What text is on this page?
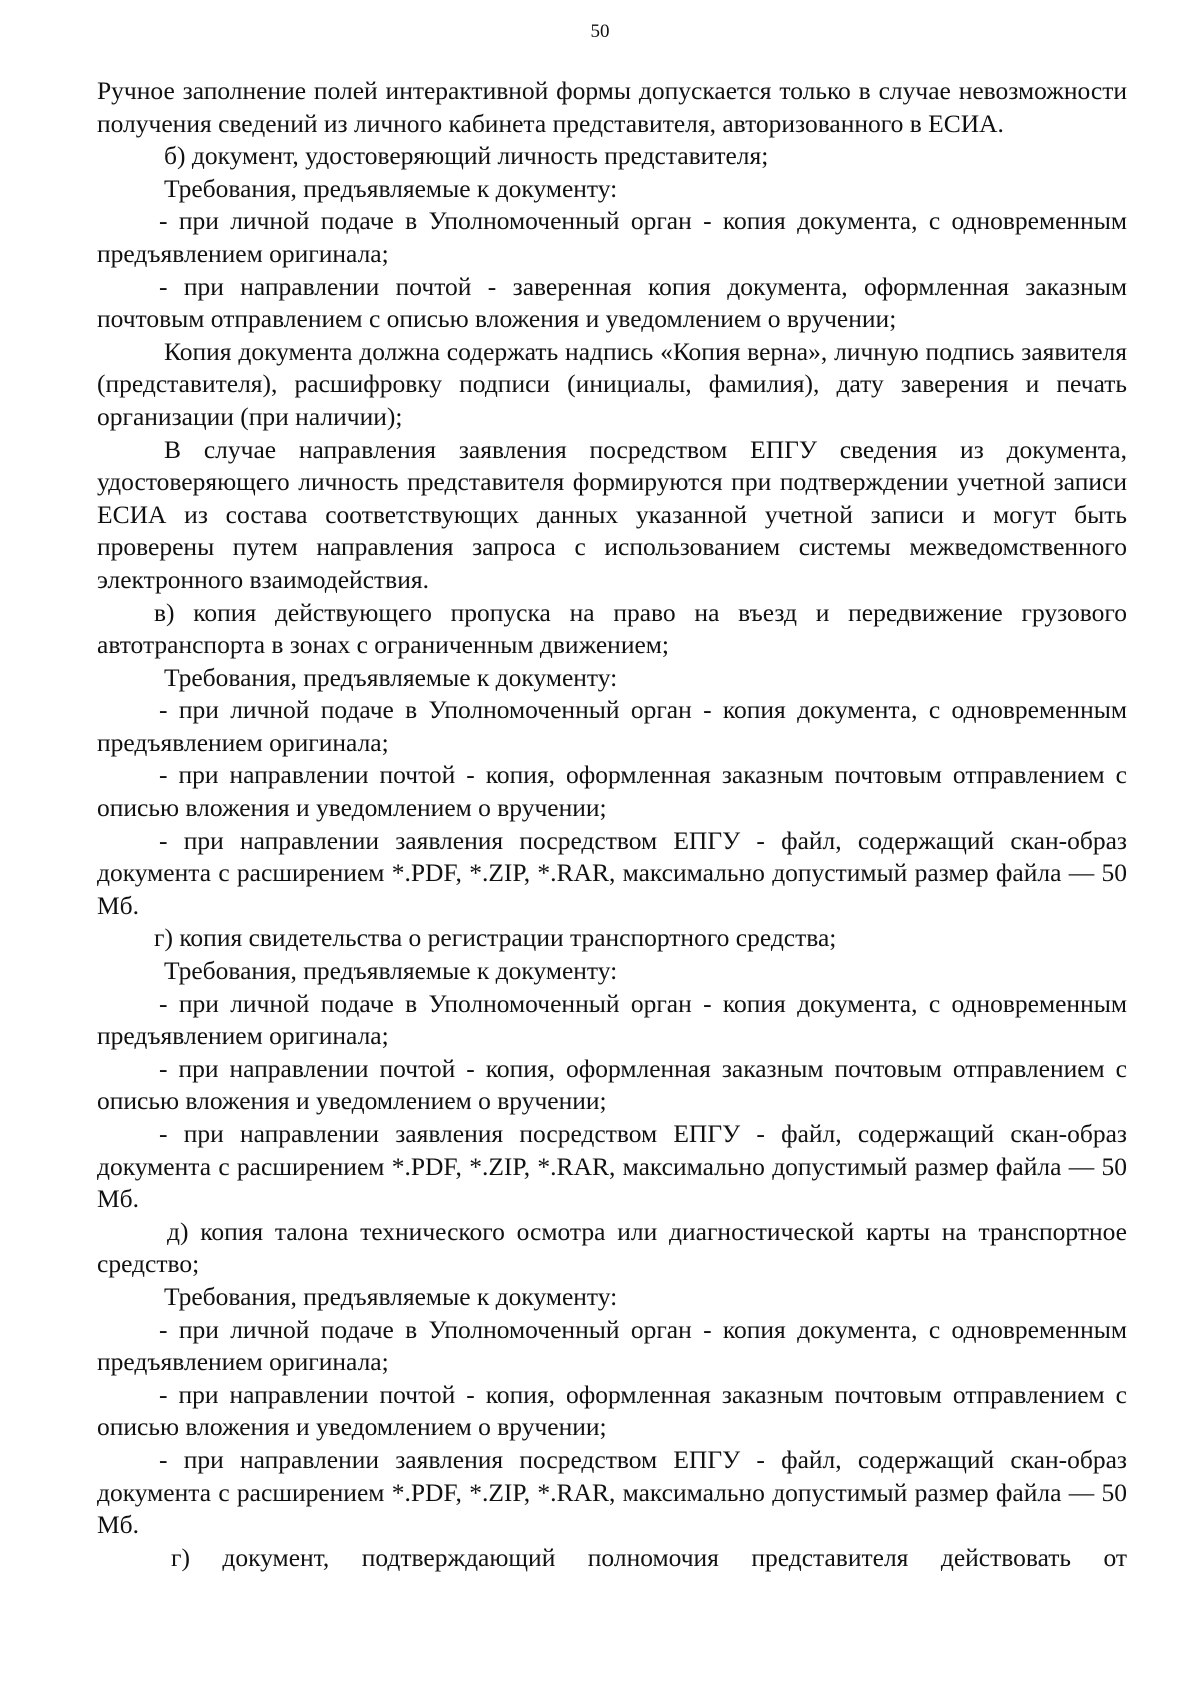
50

Ручное заполнение полей интерактивной формы допускается только в случае невозможности получения сведений из личного кабинета представителя, авторизованного в ЕСИА.

б) документ, удостоверяющий личность представителя;

Требования, предъявляемые к документу:

- при личной подаче в Уполномоченный орган - копия документа, с одновременным предъявлением оригинала;

- при направлении почтой - заверенная копия документа, оформленная заказным почтовым отправлением с описью вложения и уведомлением о вручении;

Копия документа должна содержать надпись «Копия верна», личную подпись заявителя (представителя), расшифровку подписи (инициалы, фамилия), дату заверения и печать организации (при наличии);

В случае направления заявления посредством ЕПГУ сведения из документа, удостоверяющего личность представителя формируются при подтверждении учетной записи ЕСИА из состава соответствующих данных указанной учетной записи и могут быть проверены путем направления запроса с использованием системы межведомственного электронного взаимодействия.

в) копия действующего пропуска на право на въезд и передвижение грузового автотранспорта в зонах с ограниченным движением;

Требования, предъявляемые к документу:

- при личной подаче в Уполномоченный орган - копия документа, с одновременным предъявлением оригинала;

- при направлении почтой - копия, оформленная заказным почтовым отправлением с описью вложения и уведомлением о вручении;

- при направлении заявления посредством ЕПГУ - файл, содержащий скан-образ документа с расширением *.PDF, *.ZIP, *.RAR, максимально допустимый размер файла — 50 Мб.

г) копия свидетельства о регистрации транспортного средства;

Требования, предъявляемые к документу:

- при личной подаче в Уполномоченный орган - копия документа, с одновременным предъявлением оригинала;

- при направлении почтой - копия, оформленная заказным почтовым отправлением с описью вложения и уведомлением о вручении;

- при направлении заявления посредством ЕПГУ - файл, содержащий скан-образ документа с расширением *.PDF, *.ZIP, *.RAR, максимально допустимый размер файла — 50 Мб.

д) копия талона технического осмотра или диагностической карты на транспортное средство;

Требования, предъявляемые к документу:

- при личной подаче в Уполномоченный орган - копия документа, с одновременным предъявлением оригинала;

- при направлении почтой - копия, оформленная заказным почтовым отправлением с описью вложения и уведомлением о вручении;

- при направлении заявления посредством ЕПГУ - файл, содержащий скан-образ документа с расширением *.PDF, *.ZIP, *.RAR, максимально допустимый размер файла — 50 Мб.

г) документ, подтверждающий полномочия представителя действовать от
